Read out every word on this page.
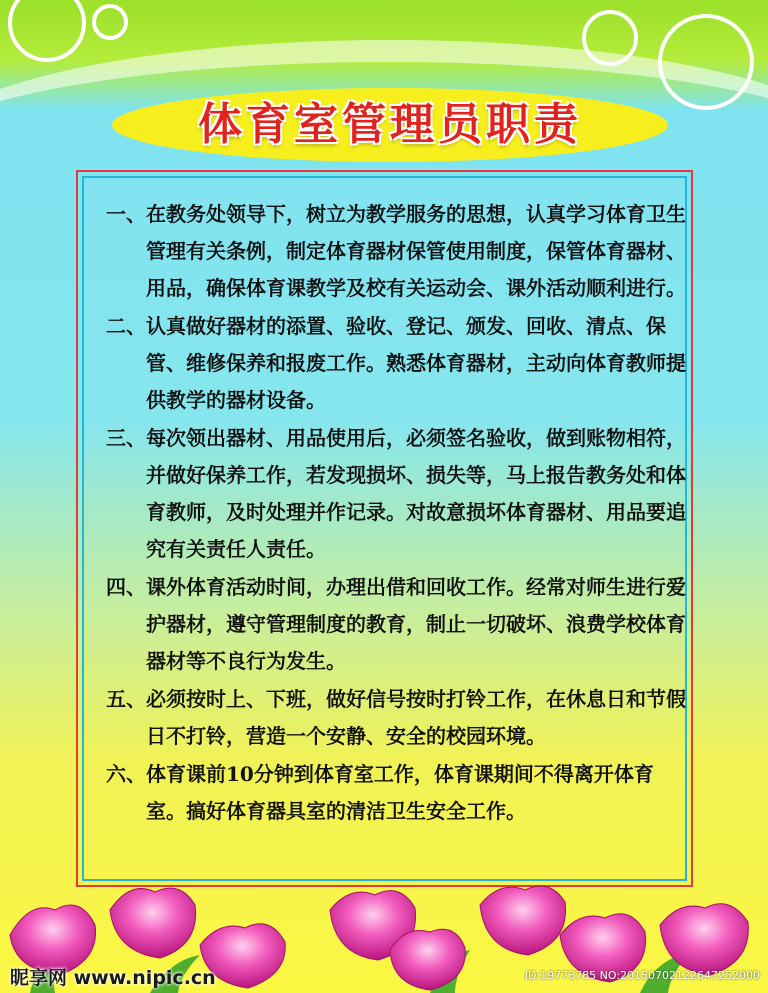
体育室管理员职责
一、 在教务处领导下，树立为教学服务的思想，认真学习体育卫生管理有关条例，制定体育器材保管使用制度，保管体育器材、用品，确保体育课教学及校有关运动会、课外活动顺利进行。
二、 认真做好器材的添置、验收、登记、颁发、回收、清点、保管、维修保养和报废工作。熟悉体育器材，主动向体育教师提供教学的器材设备。
三、 每次领出器材、用品使用后，必须签名验收，做到账物相符，并做好保养工作，若发现损坏、损失等，马上报告教务处和体育教师，及时处理并作记录。对故意损坏体育器材、用品要追究有关责任人责任。
四、 课外体育活动时间，办理出借和回收工作。经常对师生进行爱护器材，遵守管理制度的教育，制止一切破坏、浪费学校体育器材等不良行为发生。
五、 必须按时上、下班，做好信号按时打铃工作，在休息日和节假日不打铃，营造一个安静、安全的校园环境。
六、 体育课前10分钟到体育室工作，体育课期间不得离开体育室。搞好体育器具室的清洁卫生安全工作。
昵享网 www.nipic.cn	ID:19773785 NO:20150702122647252000
